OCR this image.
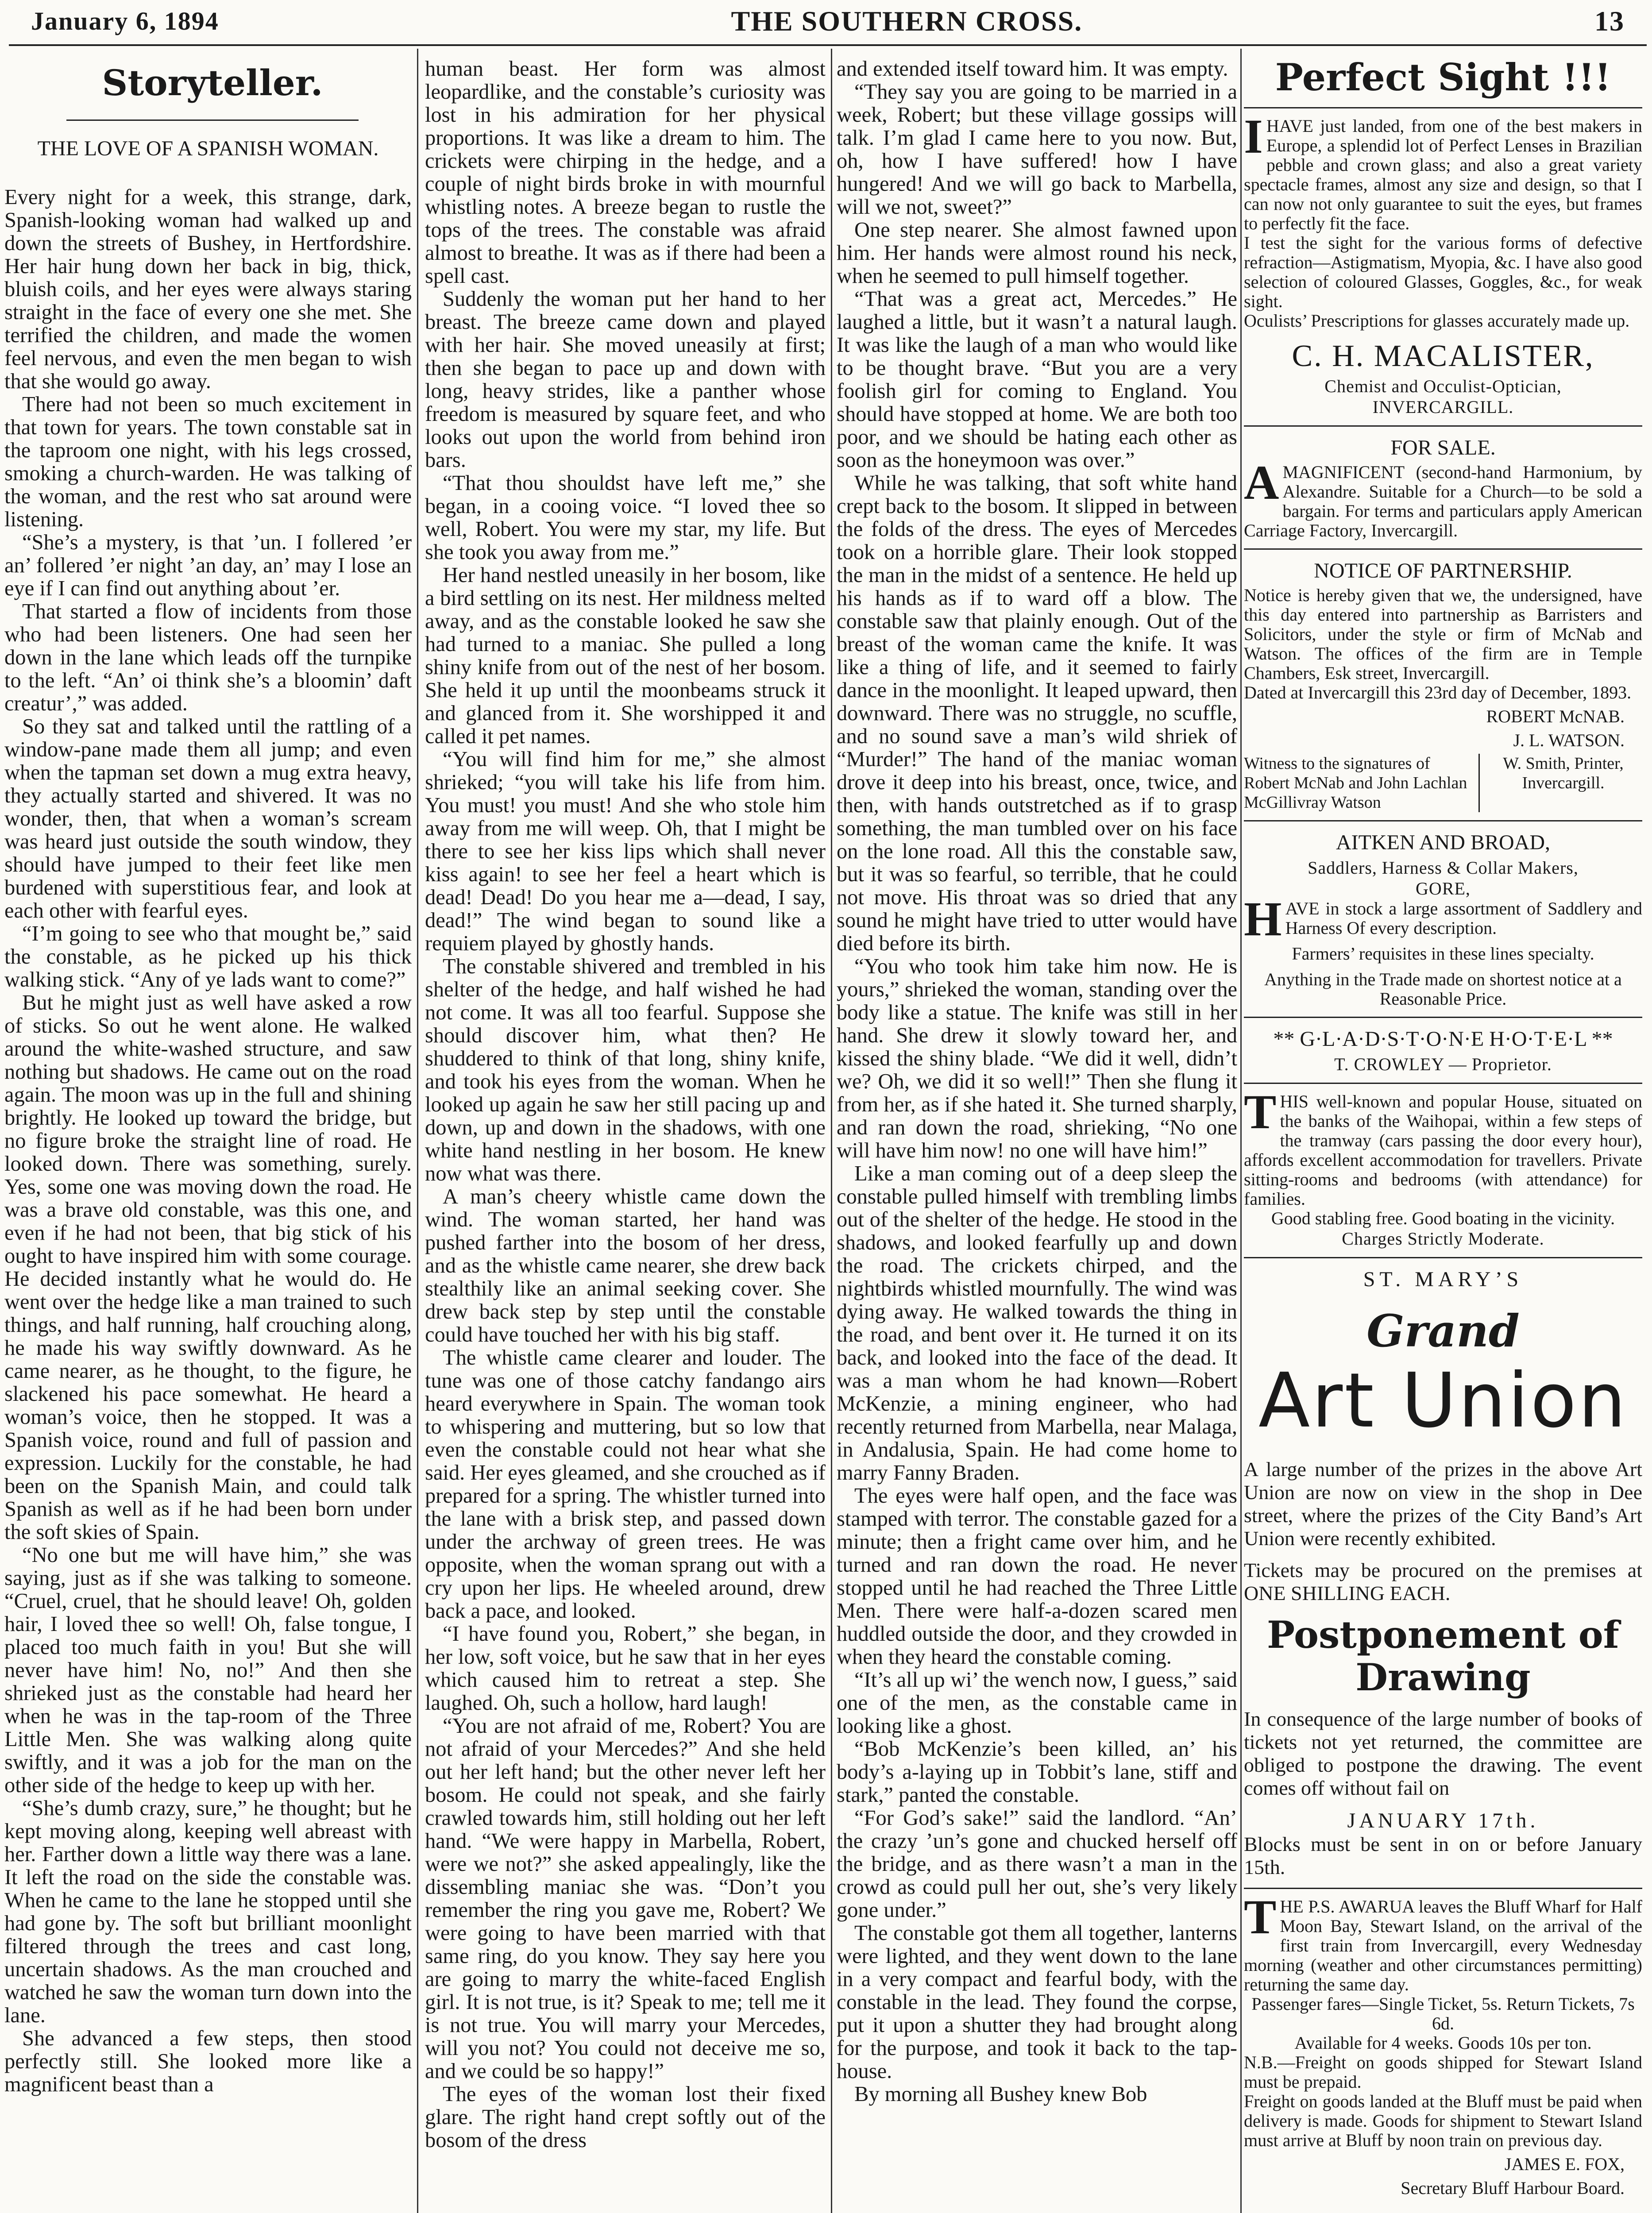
January 6, 1894	THE SOUTHERN CROSS.	13
Storyteller.
THE LOVE OF A SPANISH WOMAN.

Every night for a week, this strange, dark, Spanish-looking woman had walked up and down the streets of Bushey, in Hertfordshire. Her hair hung down her back in big, thick, bluish coils, and her eyes were always staring straight in the face of every one she met. She terrified the children, and made the women feel nervous, and even the men began to wish that she would go away.

There had not been so much excitement in that town for years. The town constable sat in the taproom one night, with his legs crossed, smoking a church-warden. He was talking of the woman, and the rest who sat around were listening.

“She’s a mystery, is that ’un. I follered ’er an’ follered ’er night ’an day, an’ may I lose an eye if I can find out anything about ’er.

That started a flow of incidents from those who had been listeners. One had seen her down in the lane which leads off the turnpike to the left. “An’ oi think she’s a bloomin’ daft creatur’,” was added.

So they sat and talked until the rattling of a window-pane made them all jump; and even when the tapman set down a mug extra heavy, they actually started and shivered. It was no wonder, then, that when a woman’s scream was heard just outside the south window, they should have jumped to their feet like men burdened with superstitious fear, and look at each other with fearful eyes.

“I’m going to see who that mought be,” said the constable, as he picked up his thick walking stick. “Any of ye lads want to come?”

But he might just as well have asked a row of sticks. So out he went alone. He walked around the white-washed structure, and saw nothing but shadows. He came out on the road again. The moon was up in the full and shining brightly. He looked up toward the bridge, but no figure broke the straight line of road. He looked down. There was something, surely. Yes, some one was moving down the road. He was a brave old constable, was this one, and even if he had not been, that big stick of his ought to have inspired him with some courage. He decided instantly what he would do. He went over the hedge like a man trained to such things, and half running, half crouching along, he made his way swiftly downward. As he came nearer, as he thought, to the figure, he slackened his pace somewhat. He heard a woman’s voice, then he stopped. It was a Spanish voice, round and full of passion and expression. Luckily for the constable, he had been on the Spanish Main, and could talk Spanish as well as if he had been born under the soft skies of Spain.

“No one but me will have him,” she was saying, just as if she was talking to someone. “Cruel, cruel, that he should leave! Oh, golden hair, I loved thee so well! Oh, false tongue, I placed too much faith in you! But she will never have him! No, no!” And then she shrieked just as the constable had heard her when he was in the tap-room of the Three Little Men. She was walking along quite swiftly, and it was a job for the man on the other side of the hedge to keep up with her.

“She’s dumb crazy, sure,” he thought; but he kept moving along, keeping well abreast with her. Farther down a little way there was a lane. It left the road on the side the constable was. When he came to the lane he stopped until she had gone by. The soft but brilliant moonlight filtered through the trees and cast long, uncertain shadows. As the man crouched and watched he saw the woman turn down into the lane.

She advanced a few steps, then stood perfectly still. She looked more like a magnificent beast than a

human beast. Her form was almost leopardlike, and the constable’s curiosity was lost in his admiration for her physical proportions. It was like a dream to him. The crickets were chirping in the hedge, and a couple of night birds broke in with mournful whistling notes. A breeze began to rustle the tops of the trees. The constable was afraid almost to breathe. It was as if there had been a spell cast.

Suddenly the woman put her hand to her breast. The breeze came down and played with her hair. She moved uneasily at first; then she began to pace up and down with long, heavy strides, like a panther whose freedom is measured by square feet, and who looks out upon the world from behind iron bars.

“That thou shouldst have left me,” she began, in a cooing voice. “I loved thee so well, Robert. You were my star, my life. But she took you away from me.”

Her hand nestled uneasily in her bosom, like a bird settling on its nest. Her mildness melted away, and as the constable looked he saw she had turned to a maniac. She pulled a long shiny knife from out of the nest of her bosom. She held it up until the moonbeams struck it and glanced from it. She worshipped it and called it pet names.

“You will find him for me,” she almost shrieked; “you will take his life from him. You must! you must! And she who stole him away from me will weep. Oh, that I might be there to see her kiss lips which shall never kiss again! to see her feel a heart which is dead! Dead! Do you hear me a—dead, I say, dead!” The wind began to sound like a requiem played by ghostly hands.

The constable shivered and trembled in his shelter of the hedge, and half wished he had not come. It was all too fearful. Suppose she should discover him, what then? He shuddered to think of that long, shiny knife, and took his eyes from the woman. When he looked up again he saw her still pacing up and down, up and down in the shadows, with one white hand nestling in her bosom. He knew now what was there.

A man’s cheery whistle came down the wind. The woman started, her hand was pushed farther into the bosom of her dress, and as the whistle came nearer, she drew back stealthily like an animal seeking cover. She drew back step by step until the constable could have touched her with his big staff.

The whistle came clearer and louder. The tune was one of those catchy fandango airs heard everywhere in Spain. The woman took to whispering and muttering, but so low that even the constable could not hear what she said. Her eyes gleamed, and she crouched as if prepared for a spring. The whistler turned into the lane with a brisk step, and passed down under the archway of green trees. He was opposite, when the woman sprang out with a cry upon her lips. He wheeled around, drew back a pace, and looked.

“I have found you, Robert,” she began, in her low, soft voice, but he saw that in her eyes which caused him to retreat a step. She laughed. Oh, such a hollow, hard laugh!

“You are not afraid of me, Robert? You are not afraid of your Mercedes?” And she held out her left hand; but the other never left her bosom. He could not speak, and she fairly crawled towards him, still holding out her left hand. “We were happy in Marbella, Robert, were we not?” she asked appealingly, like the dissembling maniac she was. “Don’t you remember the ring you gave me, Robert? We were going to have been married with that same ring, do you know. They say here you are going to marry the white-faced English girl. It is not true, is it? Speak to me; tell me it is not true. You will marry your Mercedes, will you not? You could not deceive me so, and we could be so happy!”

The eyes of the woman lost their fixed glare. The right hand crept softly out of the bosom of the dress

and extended itself toward him. It was empty.

“They say you are going to be married in a week, Robert; but these village gossips will talk. I’m glad I came here to you now. But, oh, how I have suffered! how I have hungered! And we will go back to Marbella, will we not, sweet?”

One step nearer. She almost fawned upon him. Her hands were almost round his neck, when he seemed to pull himself together.

“That was a great act, Mercedes.” He laughed a little, but it wasn’t a natural laugh. It was like the laugh of a man who would like to be thought brave. “But you are a very foolish girl for coming to England. You should have stopped at home. We are both too poor, and we should be hating each other as soon as the honeymoon was over.”

While he was talking, that soft white hand crept back to the bosom. It slipped in between the folds of the dress. The eyes of Mercedes took on a horrible glare. Their look stopped the man in the midst of a sentence. He held up his hands as if to ward off a blow. The constable saw that plainly enough. Out of the breast of the woman came the knife. It was like a thing of life, and it seemed to fairly dance in the moonlight. It leaped upward, then downward. There was no struggle, no scuffle, and no sound save a man’s wild shriek of “Murder!” The hand of the maniac woman drove it deep into his breast, once, twice, and then, with hands outstretched as if to grasp something, the man tumbled over on his face on the lone road. All this the constable saw, but it was so fearful, so terrible, that he could not move. His throat was so dried that any sound he might have tried to utter would have died before its birth.

“You who took him take him now. He is yours,” shrieked the woman, standing over the body like a statue. The knife was still in her hand. She drew it slowly toward her, and kissed the shiny blade. “We did it well, didn’t we? Oh, we did it so well!” Then she flung it from her, as if she hated it. She turned sharply, and ran down the road, shrieking, “No one will have him now! no one will have him!”

Like a man coming out of a deep sleep the constable pulled himself with trembling limbs out of the shelter of the hedge. He stood in the shadows, and looked fearfully up and down the road. The crickets chirped, and the nightbirds whistled mournfully. The wind was dying away. He walked towards the thing in the road, and bent over it. He turned it on its back, and looked into the face of the dead. It was a man whom he had known—Robert McKenzie, a mining engineer, who had recently returned from Marbella, near Malaga, in Andalusia, Spain. He had come home to marry Fanny Braden.

The eyes were half open, and the face was stamped with terror. The constable gazed for a minute; then a fright came over him, and he turned and ran down the road. He never stopped until he had reached the Three Little Men. There were half-a-dozen scared men huddled outside the door, and they crowded in when they heard the constable coming.

“It’s all up wi’ the wench now, I guess,” said one of the men, as the constable came in looking like a ghost.

“Bob McKenzie’s been killed, an’ his body’s a-laying up in Tobbit’s lane, stiff and stark,” panted the constable.

“For God’s sake!” said the landlord. “An’ the crazy ’un’s gone and chucked herself off the bridge, and as there wasn’t a man in the crowd as could pull her out, she’s very likely gone under.”

The constable got them all together, lanterns were lighted, and they went down to the lane in a very compact and fearful body, with the constable in the lead. They found the corpse, put it upon a shutter they had brought along for the purpose, and took it back to the tap-house.

By morning all Bushey knew Bob

Perfect Sight !!!

IHAVE just landed, from one of the best makers in Europe, a splendid lot of Perfect Lenses in Brazilian pebble and crown glass; and also a great variety spectacle frames, almost any size and design, so that I can now not only guarantee to suit the eyes, but frames to perfectly fit the face.

I test the sight for the various forms of defective refraction—Astigmatism, Myopia, &c. I have also good selection of coloured Glasses, Goggles, &c., for weak sight.

Oculists’ Prescriptions for glasses accurately made up.

C. H. MACALISTER,

Chemist and Occulist-Optician,

INVERCARGILL.

FOR SALE.

AMAGNIFICENT (second-hand Harmonium, by Alexandre. Suitable for a Church—to be sold a bargain. For terms and particulars apply American Carriage Factory, Invercargill.

NOTICE OF PARTNERSHIP.

Notice is hereby given that we, the undersigned, have this day entered into partnership as Barristers and Solicitors, under the style or firm of McNab and Watson. The offices of the firm are in Temple Chambers, Esk street, Invercargill.

Dated at Invercargill this 23rd day of December, 1893.

ROBERT McNAB.
J. L. WATSON.
Witness to the signatures of Robert McNab and John Lachlan McGillivray Watson
W. Smith, Printer, Invercargill.
AITKEN AND BROAD,

Saddlers, Harness & Collar Makers,

GORE,

HAVE in stock a large assortment of Saddlery and Harness Of every description.

Farmers’ requisites in these lines specialty.

Anything in the Trade made on shortest notice at a Reasonable Price.

** G·L·A·D·S·T·O·N·E H·O·T·E·L **

T. CROWLEY — Proprietor.

THIS well-known and popular House, situated on the banks of the Waihopai, within a few steps of the tramway (cars passing the door every hour), affords excellent accommodation for travellers. Private sitting-rooms and bedrooms (with attendance) for families.

Good stabling free. Good boating in the vicinity.

Charges Strictly Moderate.

ST. MARY’S
Grand
Art Union

A large number of the prizes in the above Art Union are now on view in the shop in Dee street, where the prizes of the City Band’s Art Union were recently exhibited.

Tickets may be procured on the premises at ONE SHILLING EACH.

Postponement of Drawing

In consequence of the large number of books of tickets not yet returned, the committee are obliged to postpone the drawing. The event comes off without fail on

JANUARY 17th.

Blocks must be sent in on or before January 15th.

THE P.S. AWARUA leaves the Bluff Wharf for Half Moon Bay, Stewart Island, on the arrival of the first train from Invercargill, every Wednesday morning (weather and other circumstances permitting) returning the same day.

Passenger fares—Single Ticket, 5s. Return Tickets, 7s 6d.

Available for 4 weeks. Goods 10s per ton.

N.B.—Freight on goods shipped for Stewart Island must be prepaid.

Freight on goods landed at the Bluff must be paid when delivery is made. Goods for shipment to Stewart Island must arrive at Bluff by noon train on previous day.

JAMES E. FOX,
Secretary Bluff Harbour Board.
